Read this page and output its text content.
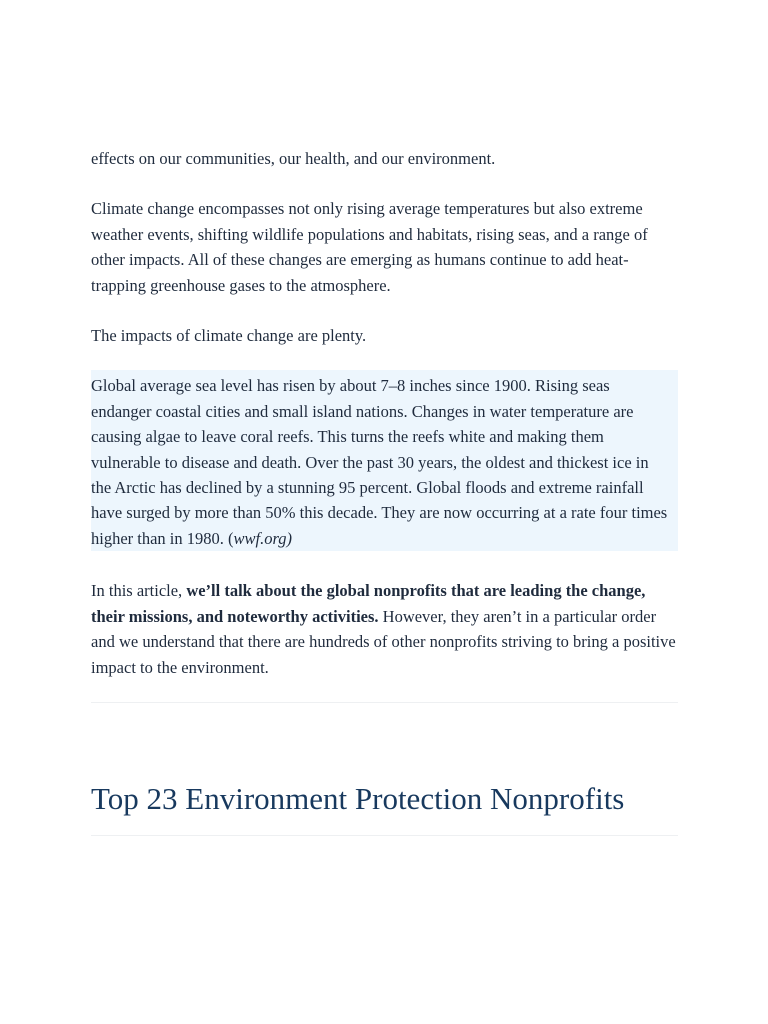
effects on our communities, our health, and our environment.

Climate change encompasses not only rising average temperatures but also extreme weather events, shifting wildlife populations and habitats, rising seas, and a range of other impacts. All of these changes are emerging as humans continue to add heat-trapping greenhouse gases to the atmosphere.

The impacts of climate change are plenty.

Global average sea level has risen by about 7–8 inches since 1900. Rising seas endanger coastal cities and small island nations. Changes in water temperature are causing algae to leave coral reefs. This turns the reefs white and making them vulnerable to disease and death. Over the past 30 years, the oldest and thickest ice in the Arctic has declined by a stunning 95 percent. Global floods and extreme rainfall have surged by more than 50% this decade. They are now occurring at a rate four times higher than in 1980. (wwf.org)

In this article, we’ll talk about the global nonprofits that are leading the change, their missions, and noteworthy activities. However, they aren’t in a particular order and we understand that there are hundreds of other nonprofits striving to bring a positive impact to the environment.

Top 23 Environment Protection Nonprofits
